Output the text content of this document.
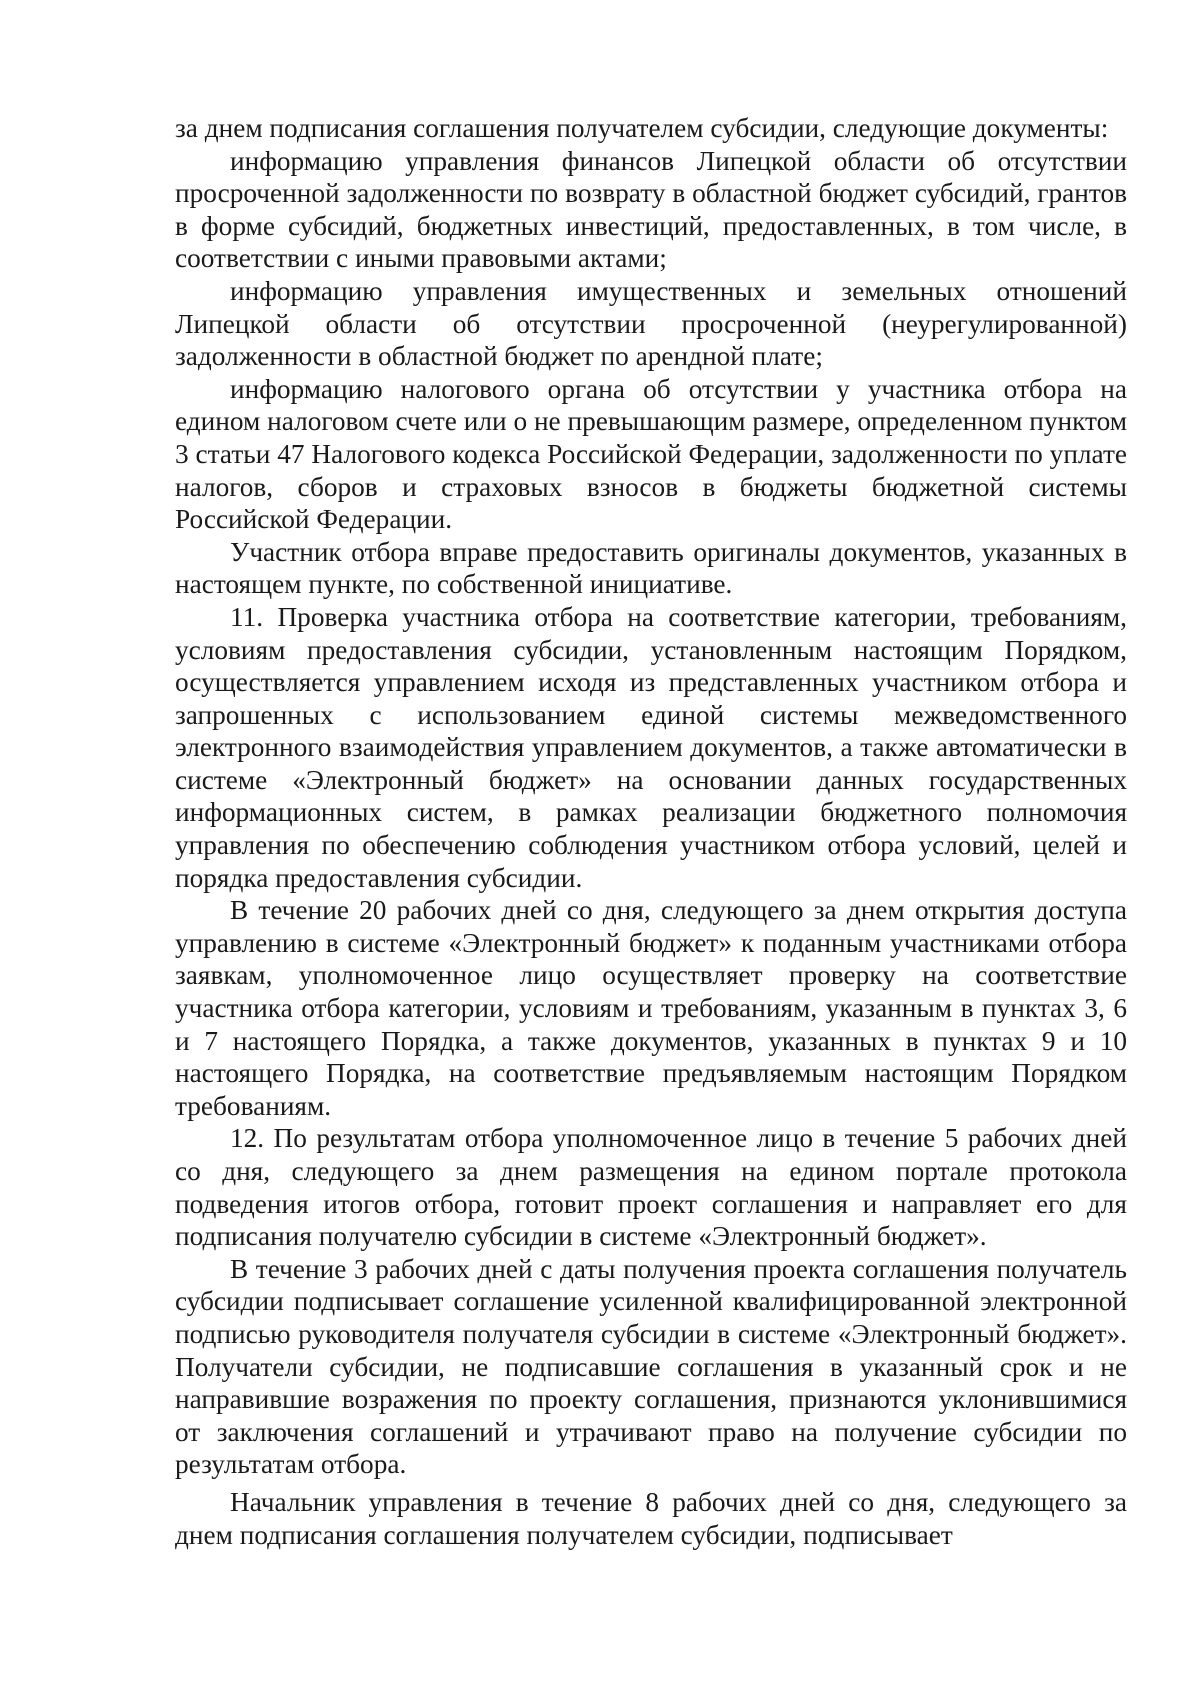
за днем подписания соглашения получателем субсидии, следующие документы:

информацию управления финансов Липецкой области об отсутствии просроченной задолженности по возврату в областной бюджет субсидий, грантов в форме субсидий, бюджетных инвестиций, предоставленных, в том числе, в соответствии с иными правовыми актами;

информацию управления имущественных и земельных отношений Липецкой области об отсутствии просроченной (неурегулированной) задолженности в областной бюджет по арендной плате;

информацию налогового органа об отсутствии у участника отбора на едином налоговом счете или о не превышающим размере, определенном пунктом 3 статьи 47 Налогового кодекса Российской Федерации, задолженности по уплате налогов, сборов и страховых взносов в бюджеты бюджетной системы Российской Федерации.

Участник отбора вправе предоставить оригиналы документов, указанных в настоящем пункте, по собственной инициативе.

11. Проверка участника отбора на соответствие категории, требованиям, условиям предоставления субсидии, установленным настоящим Порядком, осуществляется управлением исходя из представленных участником отбора и запрошенных с использованием единой системы межведомственного электронного взаимодействия управлением документов, а также автоматически в системе «Электронный бюджет» на основании данных государственных информационных систем, в рамках реализации бюджетного полномочия управления по обеспечению соблюдения участником отбора условий, целей и порядка предоставления субсидии.

В течение 20 рабочих дней со дня, следующего за днем открытия доступа управлению в системе «Электронный бюджет» к поданным участниками отбора заявкам, уполномоченное лицо осуществляет проверку на соответствие участника отбора категории, условиям и требованиям, указанным в пунктах 3, 6 и 7 настоящего Порядка, а также документов, указанных в пунктах 9 и 10 настоящего Порядка, на соответствие предъявляемым настоящим Порядком требованиям.

12. По результатам отбора уполномоченное лицо в течение 5 рабочих дней со дня, следующего за днем размещения на едином портале протокола подведения итогов отбора, готовит проект соглашения и направляет его для подписания получателю субсидии в системе «Электронный бюджет».

В течение 3 рабочих дней с даты получения проекта соглашения получатель субсидии подписывает соглашение усиленной квалифицированной электронной подписью руководителя получателя субсидии в системе «Электронный бюджет». Получатели субсидии, не подписавшие соглашения в указанный срок и не направившие возражения по проекту соглашения, признаются уклонившимися от заключения соглашений и утрачивают право на получение субсидии по результатам отбора.

Начальник управления в течение 8 рабочих дней со дня, следующего за днем подписания соглашения получателем субсидии, подписывает
